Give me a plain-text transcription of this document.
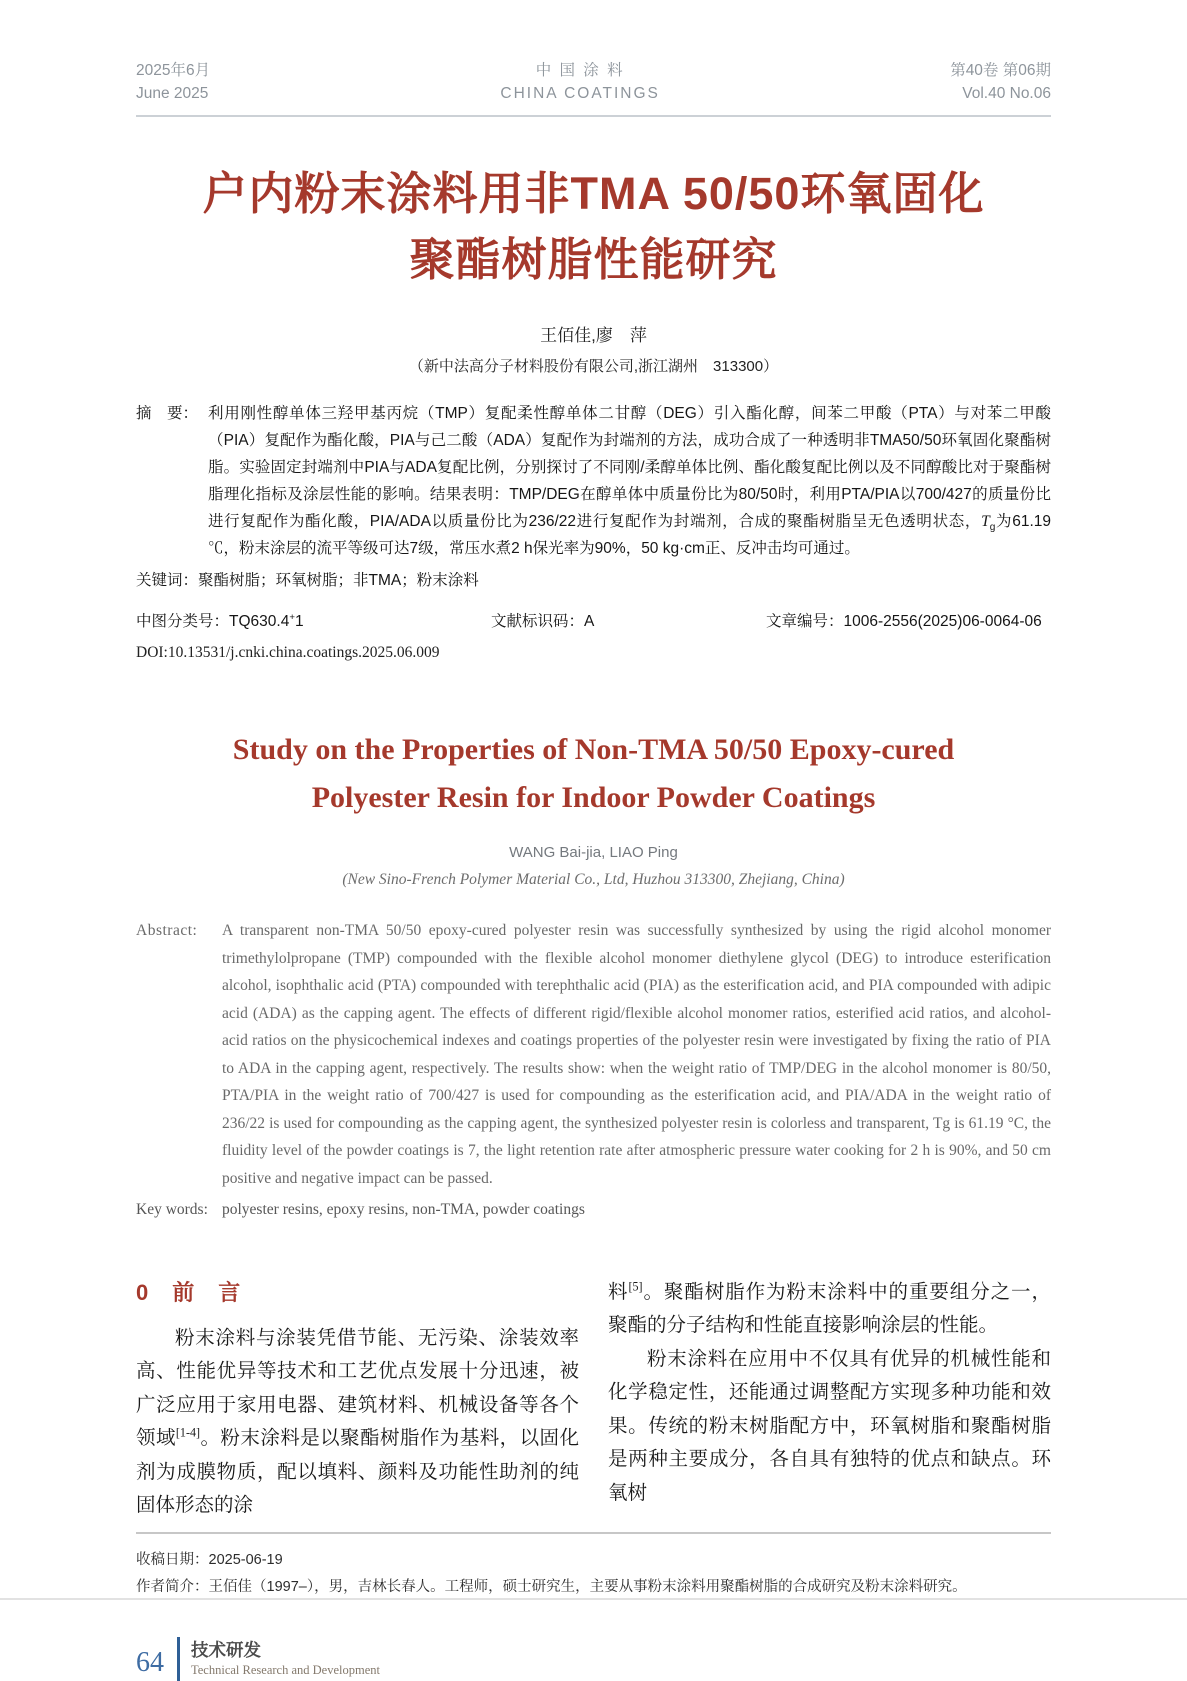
2025年6月
June 2025
中 国 涂 料
CHINA COATINGS
第40卷 第06期
Vol.40 No.06
户内粉末涂料用非TMA 50/50环氧固化
聚酯树脂性能研究
王佰佳,廖　萍
（新中法高分子材料股份有限公司,浙江湖州　313300）
摘　要： 利用刚性醇单体三羟甲基丙烷（TMP）复配柔性醇单体二甘醇（DEG）引入酯化醇，间苯二甲酸（PTA）与对苯二甲酸（PIA）复配作为酯化酸，PIA与己二酸（ADA）复配作为封端剂的方法，成功合成了一种透明非TMA50/50环氧固化聚酯树脂。实验固定封端剂中PIA与ADA复配比例，分别探讨了不同刚/柔醇单体比例、酯化酸复配比例以及不同醇酸比对于聚酯树脂理化指标及涂层性能的影响。结果表明：TMP/DEG在醇单体中质量份比为80/50时，利用PTA/PIA以700/427的质量份比进行复配作为酯化酸，PIA/ADA以质量份比为236/22进行复配作为封端剂，合成的聚酯树脂呈无色透明状态，$T_g$为61.19 ℃，粉末涂层的流平等级可达7级，常压水煮2 h保光率为90%，50 kg·cm正、反冲击均可通过。
关键词：聚酯树脂；环氧树脂；非TMA；粉末涂料
中图分类号：TQ630.4+1	文献标识码：A	文章编号：1006-2556(2025)06-0064-06
DOI:10.13531/j.cnki.china.coatings.2025.06.009
Study on the Properties of Non-TMA 50/50 Epoxy-cured
Polyester Resin for Indoor Powder Coatings
WANG Bai-jia, LIAO Ping
(New Sino-French Polymer Material Co., Ltd, Huzhou 313300, Zhejiang, China)
Abstract:	A transparent non-TMA 50/50 epoxy-cured polyester resin was successfully synthesized by using the rigid alcohol monomer trimethylolpropane (TMP) compounded with the flexible alcohol monomer diethylene glycol (DEG) to introduce esterification alcohol, isophthalic acid (PTA) compounded with terephthalic acid (PIA) as the esterification acid, and PIA compounded with adipic acid (ADA) as the capping agent. The effects of different rigid/flexible alcohol monomer ratios, esterified acid ratios, and alcohol-acid ratios on the physicochemical indexes and coatings properties of the polyester resin were investigated by fixing the ratio of PIA to ADA in the capping agent, respectively. The results show: when the weight ratio of TMP/DEG in the alcohol monomer is 80/50, PTA/PIA in the weight ratio of 700/427 is used for compounding as the esterification acid, and PIA/ADA in the weight ratio of 236/22 is used for compounding as the capping agent, the synthesized polyester resin is colorless and transparent, Tg is 61.19 °C, the fluidity level of the powder coatings is 7, the light retention rate after atmospheric pressure water cooking for 2 h is 90%, and 50 cm positive and negative impact can be passed.
Key words: polyester resins, epoxy resins, non-TMA, powder coatings
0　前　言

粉末涂料与涂装凭借节能、无污染、涂装效率高、性能优异等技术和工艺优点发展十分迅速，被广泛应用于家用电器、建筑材料、机械设备等各个领域[1-4]。粉末涂料是以聚酯树脂作为基料，以固化剂为成膜物质，配以填料、颜料及功能性助剂的纯固体形态的涂

料[5]。聚酯树脂作为粉末涂料中的重要组分之一，聚酯的分子结构和性能直接影响涂层的性能。

粉末涂料在应用中不仅具有优异的机械性能和化学稳定性，还能通过调整配方实现多种功能和效果。传统的粉末树脂配方中，环氧树脂和聚酯树脂是两种主要成分，各自具有独特的优点和缺点。环氧树

收稿日期：2025-06-19
作者简介：王佰佳（1997–），男，吉林长春人。工程师，硕士研究生，主要从事粉末涂料用聚酯树脂的合成研究及粉末涂料研究。
64 技术研发
Technical Research and Development
